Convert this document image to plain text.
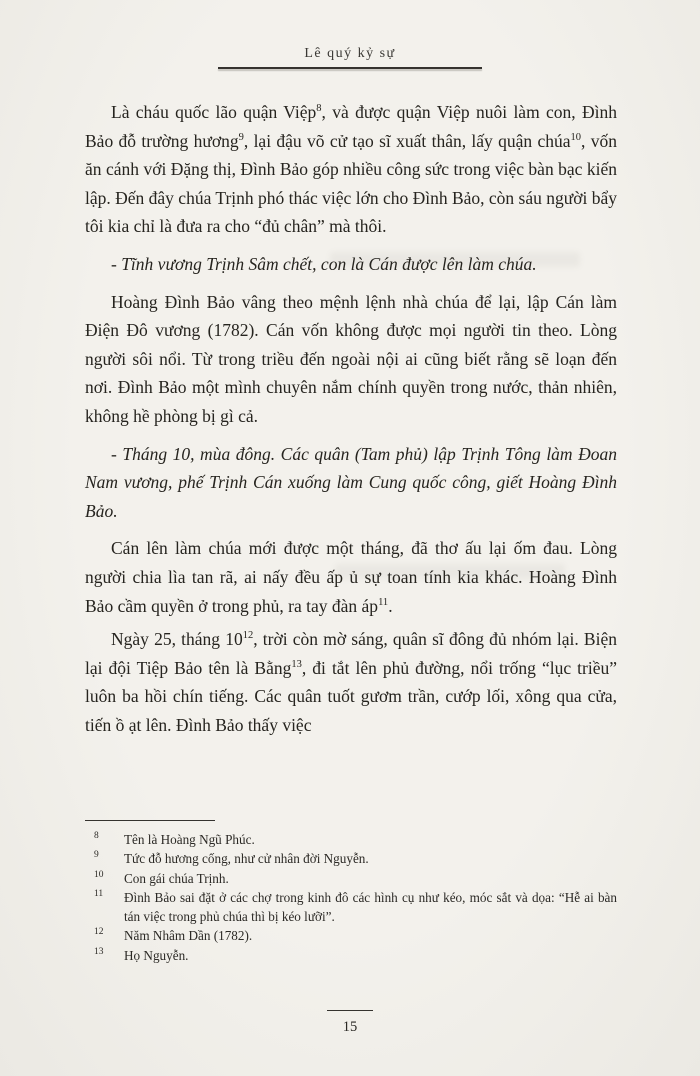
Lê quý kỷ sự

Là cháu quốc lão quận Việp$^8$, và được quận Việp nuôi làm con, Đình Bảo đỗ trường hương$^9$, lại đậu võ cử tạo sĩ xuất thân, lấy quận chúa$^{10}$, vốn ăn cánh với Đặng thị, Đình Bảo góp nhiều công sức trong việc bàn bạc kiến lập. Đến đây chúa Trịnh phó thác việc lớn cho Đình Bảo, còn sáu người bẩy tôi kia chỉ là đưa ra cho “đủ chân” mà thôi.

- Tĩnh vương Trịnh Sâm chết, con là Cán được lên làm chúa.

Hoàng Đình Bảo vâng theo mệnh lệnh nhà chúa để lại, lập Cán làm Điện Đô vương (1782). Cán vốn không được mọi người tin theo. Lòng người sôi nổi. Từ trong triều đến ngoài nội ai cũng biết rằng sẽ loạn đến nơi. Đình Bảo một mình chuyên nắm chính quyền trong nước, thản nhiên, không hề phòng bị gì cả.

- Tháng 10, mùa đông. Các quân (Tam phủ) lập Trịnh Tông làm Đoan Nam vương, phế Trịnh Cán xuống làm Cung quốc công, giết Hoàng Đình Bảo.

Cán lên làm chúa mới được một tháng, đã thơ ấu lại ốm đau. Lòng người chia lìa tan rã, ai nấy đều ấp ủ sự toan tính kia khác. Hoàng Đình Bảo cầm quyền ở trong phủ, ra tay đàn $áp^{11}$.

Ngày 25, tháng $10^{12}$, trời còn mờ sáng, quân sĩ đông đủ nhóm lại. Biện lại đội Tiệp Bảo tên là Bằng$^{13}$, đi tắt lên phủ đường, nổi trống “lục triều” luôn ba hồi chín tiếng. Các quân tuốt gươm trần, cướp lối, xông qua cửa, tiến ồ ạt lên. Đình Bảo thấy việc

8	Tên là Hoàng Ngũ Phúc.
9	Tức đỗ hương cống, như cử nhân đời Nguyễn.
10	Con gái chúa Trịnh.
11	Đình Bảo sai đặt ở các chợ trong kinh đô các hình cụ như kéo, móc sắt và dọa: “Hễ ai bàn tán việc trong phủ chúa thì bị kéo lưỡi”.
12	Năm Nhâm Dần (1782).
13	Họ Nguyễn.
15
